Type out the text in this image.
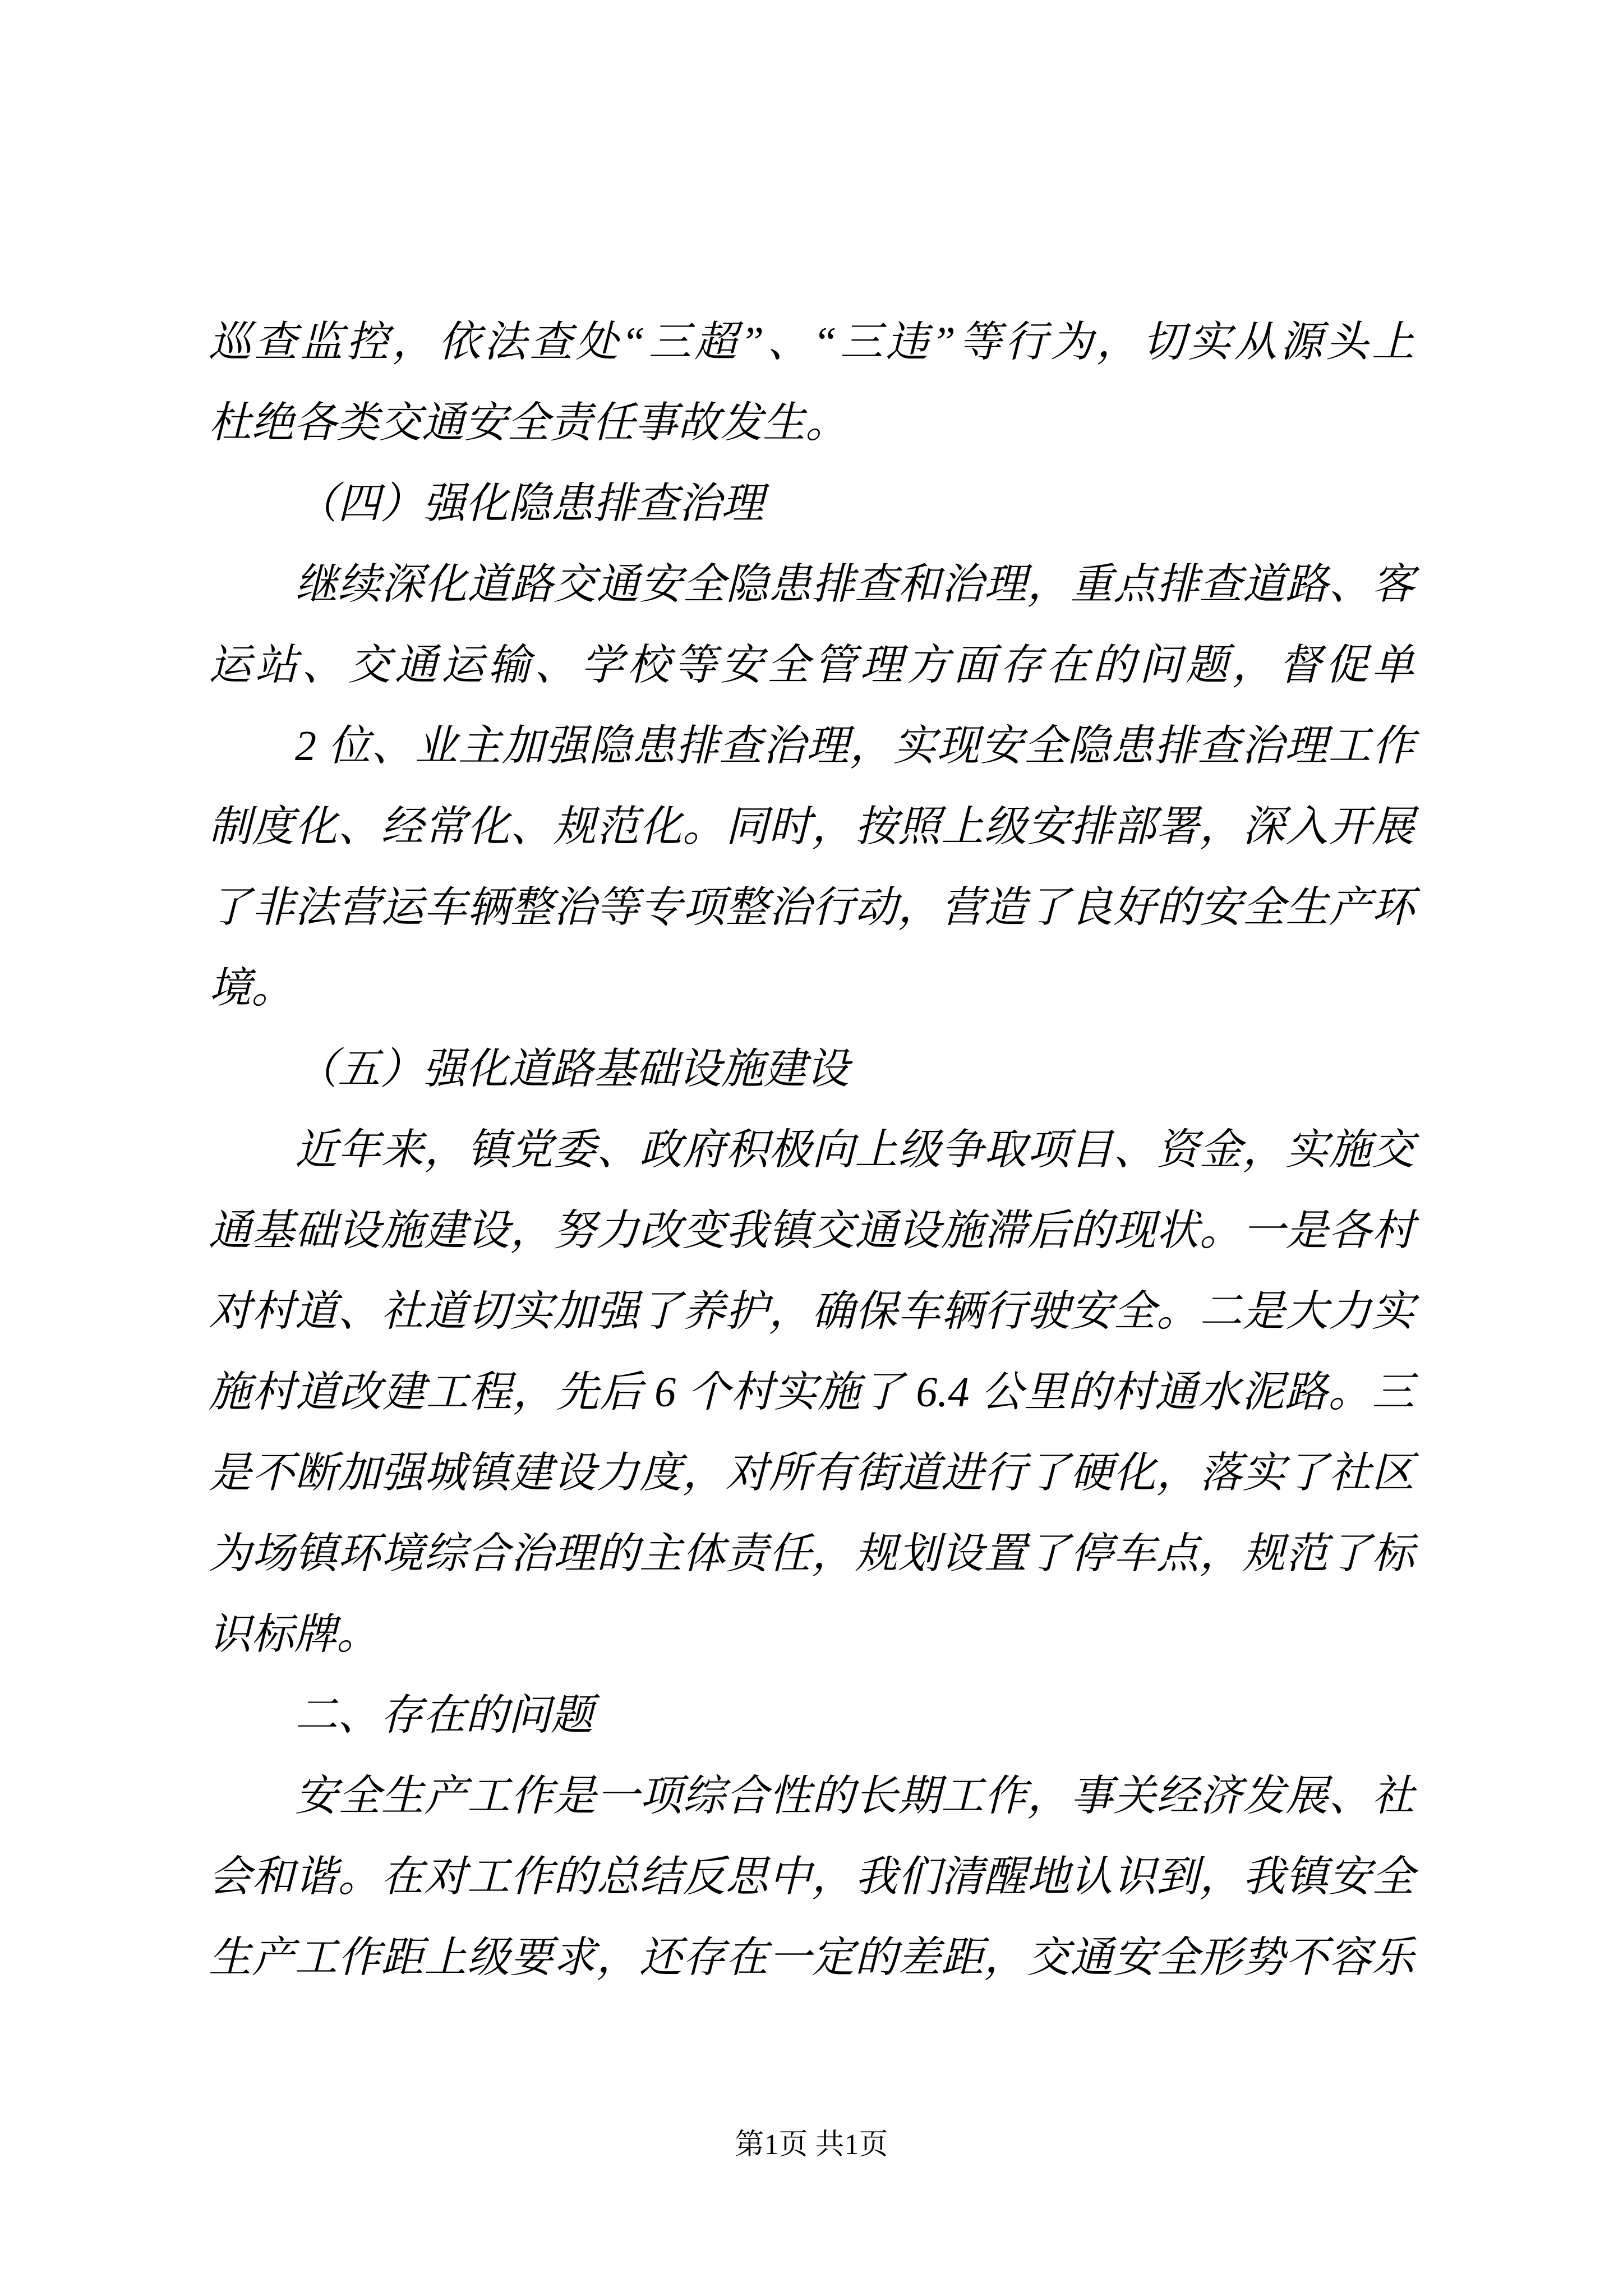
巡查监控，依法查处“三超”、“三违”等行为，切实从源头上
杜绝各类交通安全责任事故发生。
（四）强化隐患排查治理
继续深化道路交通安全隐患排查和治理，重点排查道路、客
运站、交通运输、学校等安全管理方面存在的问题，督促单
2 位、业主加强隐患排查治理，实现安全隐患排查治理工作
制度化、经常化、规范化。同时，按照上级安排部署，深入开展
了非法营运车辆整治等专项整治行动，营造了良好的安全生产环
境。
（五）强化道路基础设施建设
近年来，镇党委、政府积极向上级争取项目、资金，实施交
通基础设施建设，努力改变我镇交通设施滞后的现状。一是各村
对村道、社道切实加强了养护，确保车辆行驶安全。二是大力实
施村道改建工程，先后 6 个村实施了 6.4 公里的村通水泥路。三
是不断加强城镇建设力度，对所有街道进行了硬化，落实了社区
为场镇环境综合治理的主体责任，规划设置了停车点，规范了标
识标牌。
二、存在的问题
安全生产工作是一项综合性的长期工作，事关经济发展、社
会和谐。在对工作的总结反思中，我们清醒地认识到，我镇安全
生产工作距上级要求，还存在一定的差距，交通安全形势不容乐
第1页 共1页
